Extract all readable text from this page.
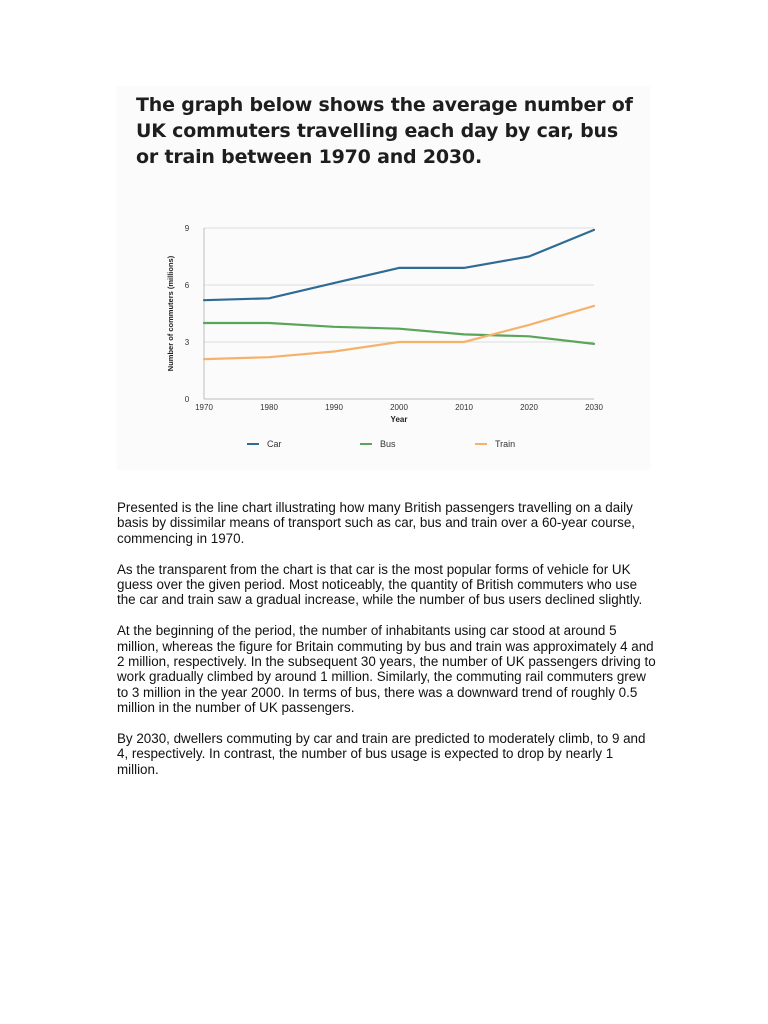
The graph below shows the average number of UK commuters travelling each day by car, bus or train between 1970 and 2030.

0
3
6
9
1970	1980	1990	2000	2010	2020	2030
Year
Number of commuters (millions)
Car	Bus	Train

Presented is the line chart illustrating how many British passengers travelling on a daily basis by dissimilar means of transport such as car, bus and train over a 60-year course, commencing in 1970.

As the transparent from the chart is that car is the most popular forms of vehicle for UK guess over the given period. Most noticeably, the quantity of British commuters who use the car and train saw a gradual increase, while the number of bus users declined slightly.

At the beginning of the period, the number of inhabitants using car stood at around 5 million, whereas the figure for Britain commuting by bus and train was approximately 4 and 2 million, respectively. In the subsequent 30 years, the number of UK passengers driving to work gradually climbed by around 1 million. Similarly, the commuting rail commuters grew to 3 million in the year 2000. In terms of bus, there was a downward trend of roughly 0.5 million in the number of UK passengers.

By 2030, dwellers commuting by car and train are predicted to moderately climb, to 9 and 4, respectively. In contrast, the number of bus usage is expected to drop by nearly 1 million.
